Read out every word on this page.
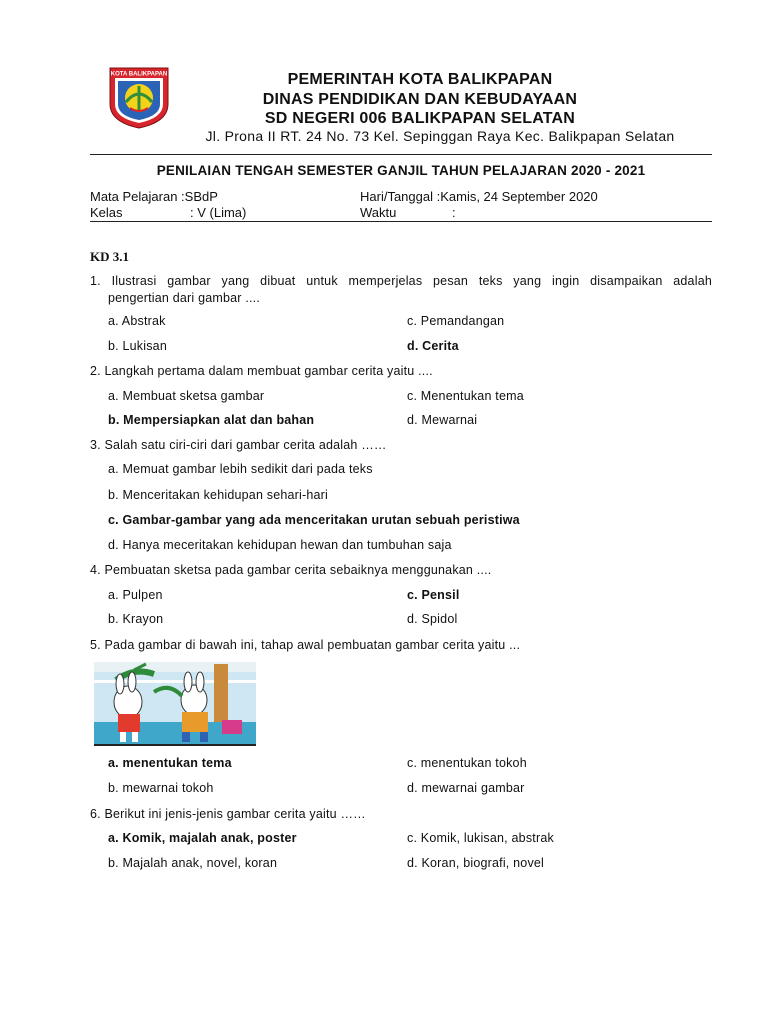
KOTA BALIKPAPAN	PEMERINTAH KOTA BALIKPAPAN
DINAS PENDIDIKAN DAN KEBUDAYAAN
SD NEGERI 006 BALIKPAPAN SELATAN
Jl. Prona II RT. 24 No. 73 Kel. Sepinggan Raya Kec. Balikpapan Selatan
PENILAIAN TENGAH SEMESTER GANJIL TAHUN PELAJARAN 2020 - 2021
Mata Pelajaran :SBdP
Kelas	: V (Lima)
Hari/Tanggal :Kamis, 24 September 2020
Waktu	:
KD 3.1
1. Ilustrasi gambar yang dibuat untuk memperjelas pesan teks yang ingin disampaikan adalah
pengertian dari gambar ....
a. Abstrak	c. Pemandangan
b. Lukisan	d. Cerita
2. Langkah pertama dalam membuat gambar cerita yaitu ....
a. Membuat sketsa gambar	c. Menentukan tema
b. Mempersiapkan alat dan bahan	d. Mewarnai
3. Salah satu ciri-ciri dari gambar cerita adalah ……
a. Memuat gambar lebih sedikit dari pada teks
b. Menceritakan kehidupan sehari-hari
c. Gambar-gambar yang ada menceritakan urutan sebuah peristiwa
d. Hanya meceritakan kehidupan hewan dan tumbuhan saja
4. Pembuatan sketsa pada gambar cerita sebaiknya menggunakan ....
a. Pulpen	c. Pensil
b. Krayon	d. Spidol
5. Pada gambar di bawah ini, tahap awal pembuatan gambar cerita yaitu ...
a. menentukan tema	c. menentukan tokoh
b. mewarnai tokoh	d. mewarnai gambar
6. Berikut ini jenis-jenis gambar cerita yaitu ……
a. Komik, majalah anak, poster	c. Komik, lukisan, abstrak
b. Majalah anak, novel, koran	d. Koran, biografi, novel
